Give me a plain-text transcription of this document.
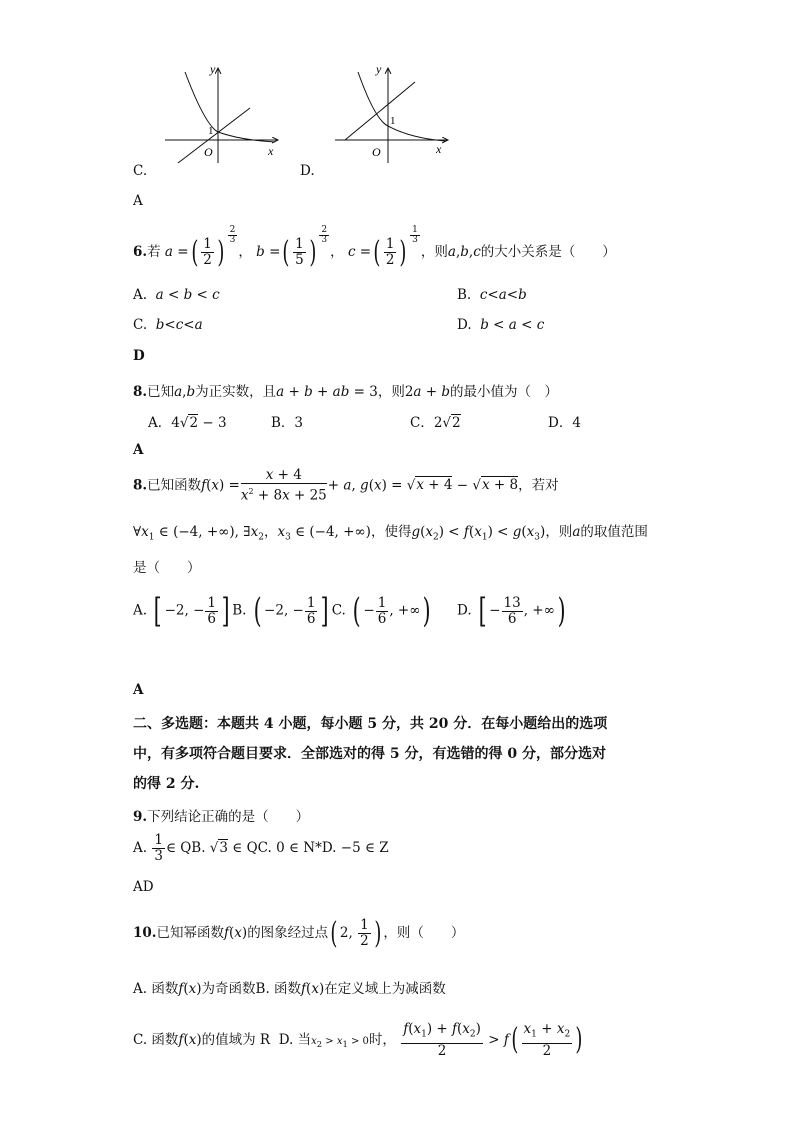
y
x
O
1
C.
y
x
O
1
D.
A
6.若 a =( $\frac{1}{2}$ ) $^{\frac{2}{3}}$
， b =( $\frac{1}{5}$ ) $^{\frac{2}{3}}$
， c =( $\frac{1}{2}$ ) $^{\frac{1}{3}}$
，则a,b,c的大小关系是（　　）
A. a < b < c	B. c<a<b
C. b<c<a	D. b < a < c
D
8.已知a,b为正实数，且a + b + ab = 3，则2a + b的最小值为（　）
A．4√2 − 3	B．3	C．2√2	D．4
A
8.已知函数$f(x) = \frac{x + 4}{x^2 + 8x + 25} + a$, g(x) = √x + 4 − √x + 8，若对
$\forall x_1$ ∈ (−4, +∞), $\exists x_2$，$x_3$ ∈ (−4, +∞)，使得$g(x_2) < f(x_1) < g(x_3)$，则a的取值范围
是（　　）
A. [ −2, − $\frac{1}{6}$ ] B. ( −2, − $\frac{1}{6}$ ] C. ( − $\frac{1}{6}$ , +∞) D. [ − $\frac{13}{6}$ , +∞)
A
二、多选题：本题共 4 小题，每小题 5 分，共 20 分．在每小题给出的选项
中，有多项符合题目要求．全部选对的得 5 分，有选错的得 0 分，部分选对
的得 2 分.
9.下列结论正确的是（　　）
A. $\frac{1}{3}$ ∈ QB. √3 ∈ QC. 0 ∈ N*D. −5 ∈ Z
AD
10.已知幂函数f(x)的图象经过点( 2, $\frac{1}{2}$ ) ，则（　　）
A. 函数f(x)为奇函数B. 函数f(x)在定义域上为减函数
C. 函数f(x)的值域为 R D. 当$x_2 > x_1 > 0$时， $\frac{f(x_1) + f(x_2)}{2} > f( \frac{x_1 + x_2}{2}$ )
